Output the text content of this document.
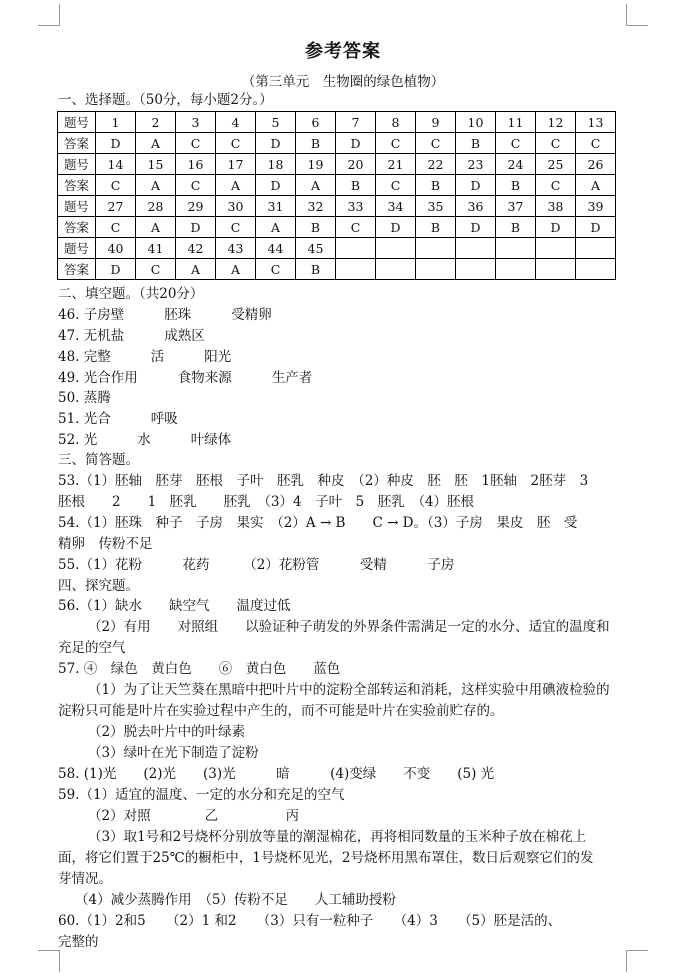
参考答案
（第三单元　生物圈的绿色植物）
一、选择题。（50分，每小题2分。）
题号	1	2	3	4	5	6	7	8	9	10	11	12	13
答案	D	A	C	C	D	B	D	C	C	B	C	C	C
题号	14	15	16	17	18	19	20	21	22	23	24	25	26
答案	C	A	C	A	D	A	B	C	B	D	B	C	A
题号	27	28	29	30	31	32	33	34	35	36	37	38	39
答案	C	A	D	C	A	B	C	D	B	D	B	D	D
题号	40	41	42	43	44	45							
答案	D	C	A	A	C	B							
二、填空题。（共20分）
46. 子房壁	胚珠	受精卵
47. 无机盐	成熟区
48. 完整	活	阳光
49. 光合作用	食物来源	生产者
50. 蒸腾
51. 光合	呼吸
52. 光	水	叶绿体
三、简答题。
53.（1）胚轴　胚芽　胚根　子叶　胚乳　种皮　（2）种皮　胚　胚　1胚轴　2胚芽　3
胚根　　2　　1　胚乳　　胚乳　（3）4　子叶　5　胚乳　（4）胚根
54.（1）胚珠　种子　子房　果实　（2）A → B　　C → D。（3）子房　果皮　胚　受
精卵　传粉不足
55.（1）花粉　　　花药　　　（2）花粉管　　　受精　　　子房
四、探究题。
56.（1）缺水　　缺空气　　温度过低
（2）有用　　对照组　　以验证种子萌发的外界条件需满足一定的水分、适宜的温度和
充足的空气
57. ④　绿色　黄白色　　⑥　黄白色　　蓝色
（1）为了让天竺葵在黑暗中把叶片中的淀粉全部转运和消耗，这样实验中用碘液检验的
淀粉只可能是叶片在实验过程中产生的，而不可能是叶片在实验前贮存的。
（2）脱去叶片中的叶绿素
（3）绿叶在光下制造了淀粉
58. (1)光　　(2)光　　(3)光　　　暗　　　(4)变绿　　不变　　(5) 光
59.（1）适宜的温度、一定的水分和充足的空气
（2）对照　　　　乙　　　　　丙
（3）取1号和2号烧杯分别放等量的潮湿棉花，再将相同数量的玉米种子放在棉花上
面，将它们置于25℃的橱柜中，1号烧杯见光，2号烧杯用黑布罩住，数日后观察它们的发
芽情况。
（4）减少蒸腾作用　（5）传粉不足　　人工辅助授粉
60.（1）2和5　　（2）1 和2　　（3）只有一粒种子　　（4）3　　（5）胚是活的、
完整的
